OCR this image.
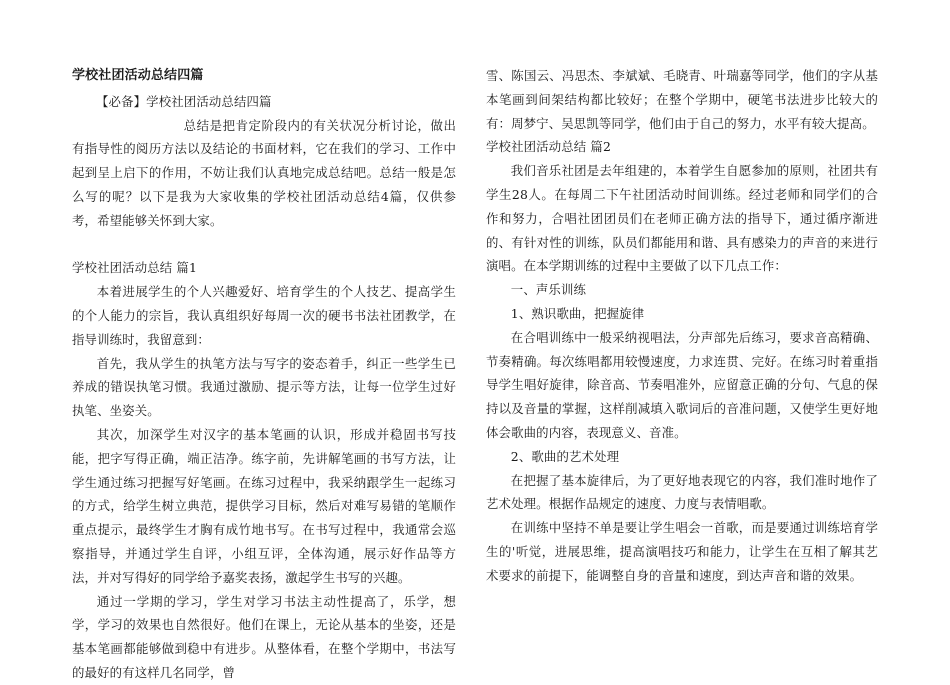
学校社团活动总结四篇

【必备】学校社团活动总结四篇

总结是把肯定阶段内的有关状况分析讨论，做出有指导性的阅历方法以及结论的书面材料，它在我们的学习、工作中起到呈上启下的作用，不妨让我们认真地完成总结吧。总结一般是怎么写的呢？以下是我为大家收集的学校社团活动总结4篇，仅供参考，希望能够关怀到大家。

学校社团活动总结 篇1

本着进展学生的个人兴趣爱好、培育学生的个人技艺、提高学生的个人能力的宗旨，我认真组织好每周一次的硬书书法社团教学，在指导训练时，我留意到：

首先，我从学生的执笔方法与写字的姿态着手，纠正一些学生已养成的错误执笔习惯。我通过激励、提示等方法，让每一位学生过好执笔、坐姿关。

其次，加深学生对汉字的基本笔画的认识，形成并稳固书写技能，把字写得正确，端正洁净。练字前，先讲解笔画的书写方法，让学生通过练习把握写好笔画。在练习过程中，我采纳跟学生一起练习的方式，给学生树立典范，提供学习目标，然后对难写易错的笔顺作重点提示，最终学生才胸有成竹地书写。在书写过程中，我通常会巡察指导，并通过学生自评，小组互评，全体沟通，展示好作品等方法，并对写得好的同学给予嘉奖表扬，激起学生书写的兴趣。

通过一学期的学习，学生对学习书法主动性提高了，乐学，想学，学习的效果也自然很好。他们在课上，无论从基本的坐姿，还是基本笔画都能够做到稳中有进步。从整体看，在整个学期中，书法写的最好的有这样几名同学，曾

雪、陈国云、冯思杰、李斌斌、毛晓青、叶瑞嘉等同学，他们的字从基本笔画到间架结构都比较好；在整个学期中，硬笔书法进步比较大的有：周梦宁、吴思凯等同学，他们由于自己的努力，水平有较大提高。

学校社团活动总结 篇2

我们音乐社团是去年组建的，本着学生自愿参加的原则，社团共有学生28人。在每周二下午社团活动时间训练。经过老师和同学们的合作和努力，合唱社团团员们在老师正确方法的指导下，通过循序渐进的、有针对性的训练，队员们都能用和谐、具有感染力的声音的来进行演唱。在本学期训练的过程中主要做了以下几点工作：

一、声乐训练

1、熟识歌曲，把握旋律

在合唱训练中一般采纳视唱法，分声部先后练习，要求音高精确、节奏精确。每次练唱都用较慢速度，力求连贯、完好。在练习时着重指导学生唱好旋律，除音高、节奏唱准外，应留意正确的分句、气息的保持以及音量的掌握，这样削减填入歌词后的音准问题，又使学生更好地体会歌曲的内容，表现意义、音准。

2、歌曲的艺术处理

在把握了基本旋律后，为了更好地表现它的内容，我们准时地作了艺术处理。根据作品规定的速度、力度与表情唱歌。

在训练中坚持不单是要让学生唱会一首歌，而是要通过训练培育学生的'听觉，进展思维，提高演唱技巧和能力，让学生在互相了解其艺术要求的前提下，能调整自身的音量和速度，到达声音和谐的效果。
